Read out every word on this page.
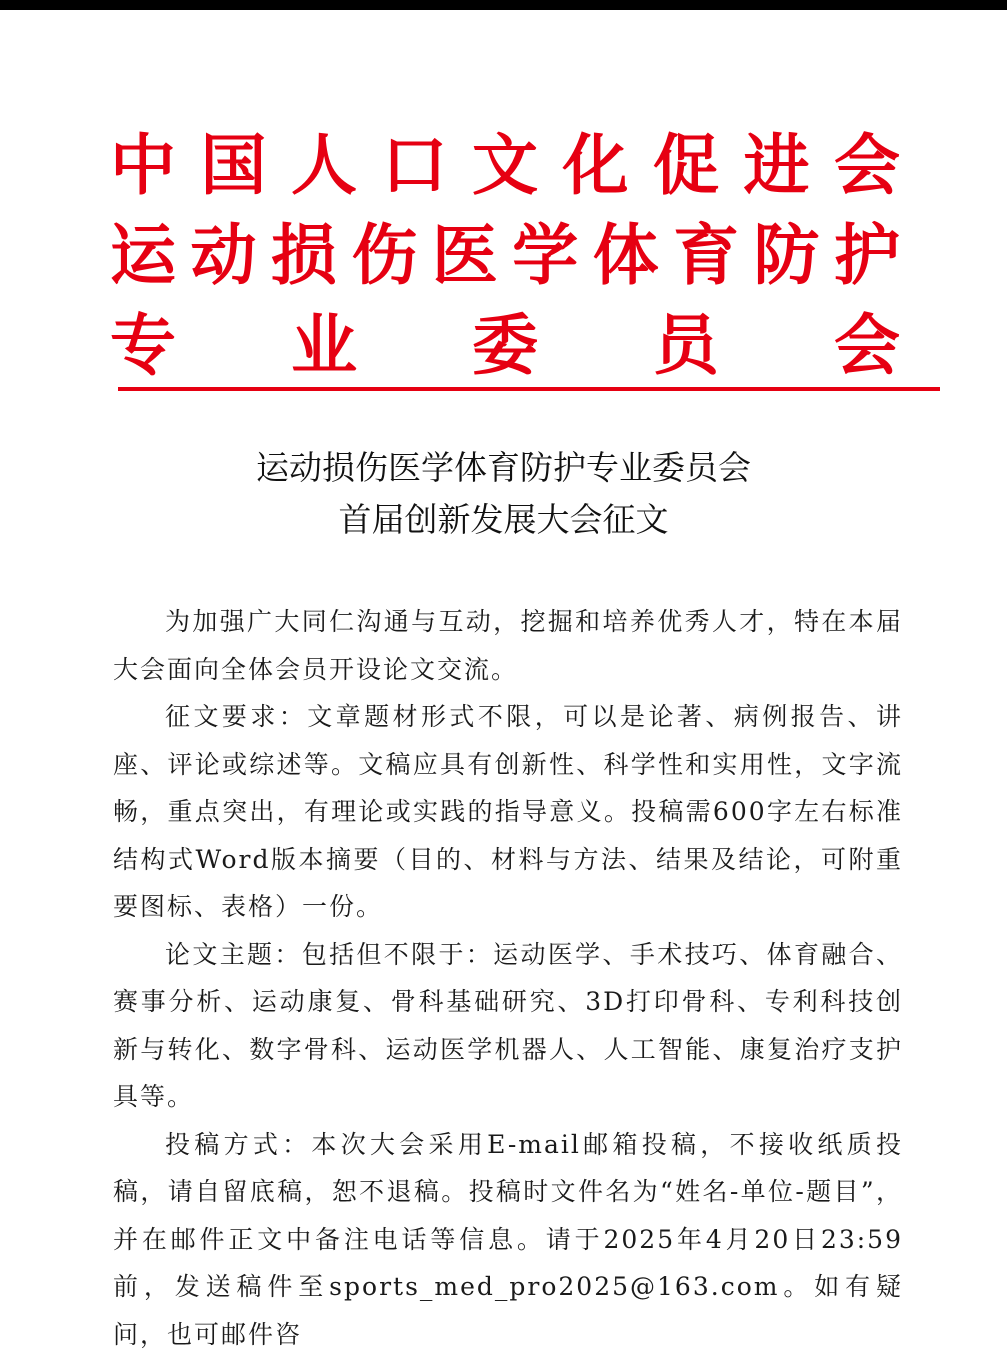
中 国 人 口 文 化 促 进 会
运 动 损 伤 医 学 体 育 防 护
专 业 委 员 会
运动损伤医学体育防护专业委员会
首届创新发展大会征文

为加强广大同仁沟通与互动，挖掘和培养优秀人才，特在本届大会面向全体会员开设论文交流。

征文要求：文章题材形式不限，可以是论著、病例报告、讲座、评论或综述等。文稿应具有创新性、科学性和实用性，文字流畅，重点突出，有理论或实践的指导意义。投稿需600字左右标准结构式Word版本摘要（目的、材料与方法、结果及结论，可附重要图标、表格）一份。

论文主题：包括但不限于：运动医学、手术技巧、体育融合、赛事分析、运动康复、骨科基础研究、3D打印骨科、专利科技创新与转化、数字骨科、运动医学机器人、人工智能、康复治疗支护具等。

投稿方式：本次大会采用E-mail邮箱投稿，不接收纸质投稿，请自留底稿，恕不退稿。投稿时文件名为“姓名-单位-题目”，并在邮件正文中备注电话等信息。请于2025年4月20日23:59前，发送稿件至sports_med_pro2025@163.com。如有疑问，也可邮件咨
